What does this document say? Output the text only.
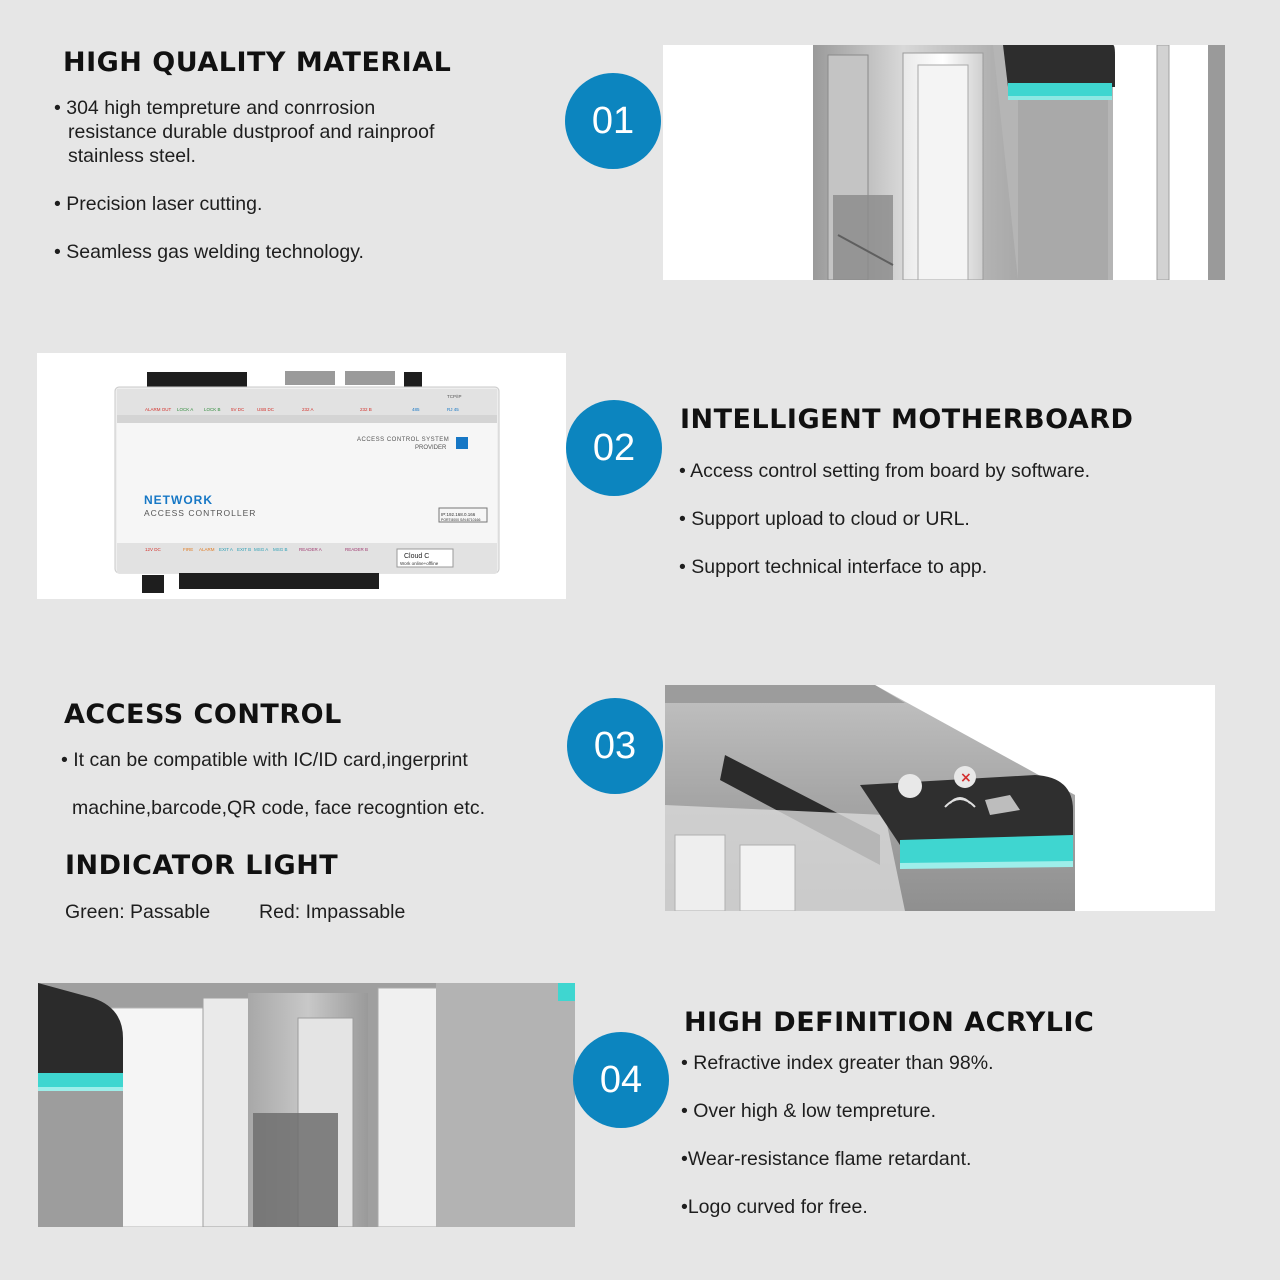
HIGH QUALITY MATERIAL
• 304 high tempreture and conrrosion
resistance durable dustproof and rainproof
stainless steel.
• Precision laser cutting.
• Seamless gas welding technology.
01
ALARM OUT LOCK A LOCK B 5V DC	USB DC	232 A	232 B	485	RJ 45
TCP/IP
ACCESS CONTROL SYSTEM
PROVIDER
NETWORK
ACCESS CONTROLLER	IP:192.168.0.166
PORT:8000 S/N:8710166
Cloud C
Work online+offline
12V DC	FIRE ALARM EXIT A EXIT B MSG A MSG B	READER A	READER B
02
INTELLIGENT MOTHERBOARD
• Access control setting from board by software.
• Support upload to cloud or URL.
• Support technical interface to app.
ACCESS CONTROL
• It can be compatible with IC/ID card,ingerprint
machine,barcode,QR code, face recogntion etc.
INDICATOR LIGHT
Green: Passable Red: Impassable
03
×
04
HIGH DEFINITION ACRYLIC
• Refractive index greater than 98%.
• Over high & low tempreture.
•Wear-resistance flame retardant.
•Logo curved for free.
